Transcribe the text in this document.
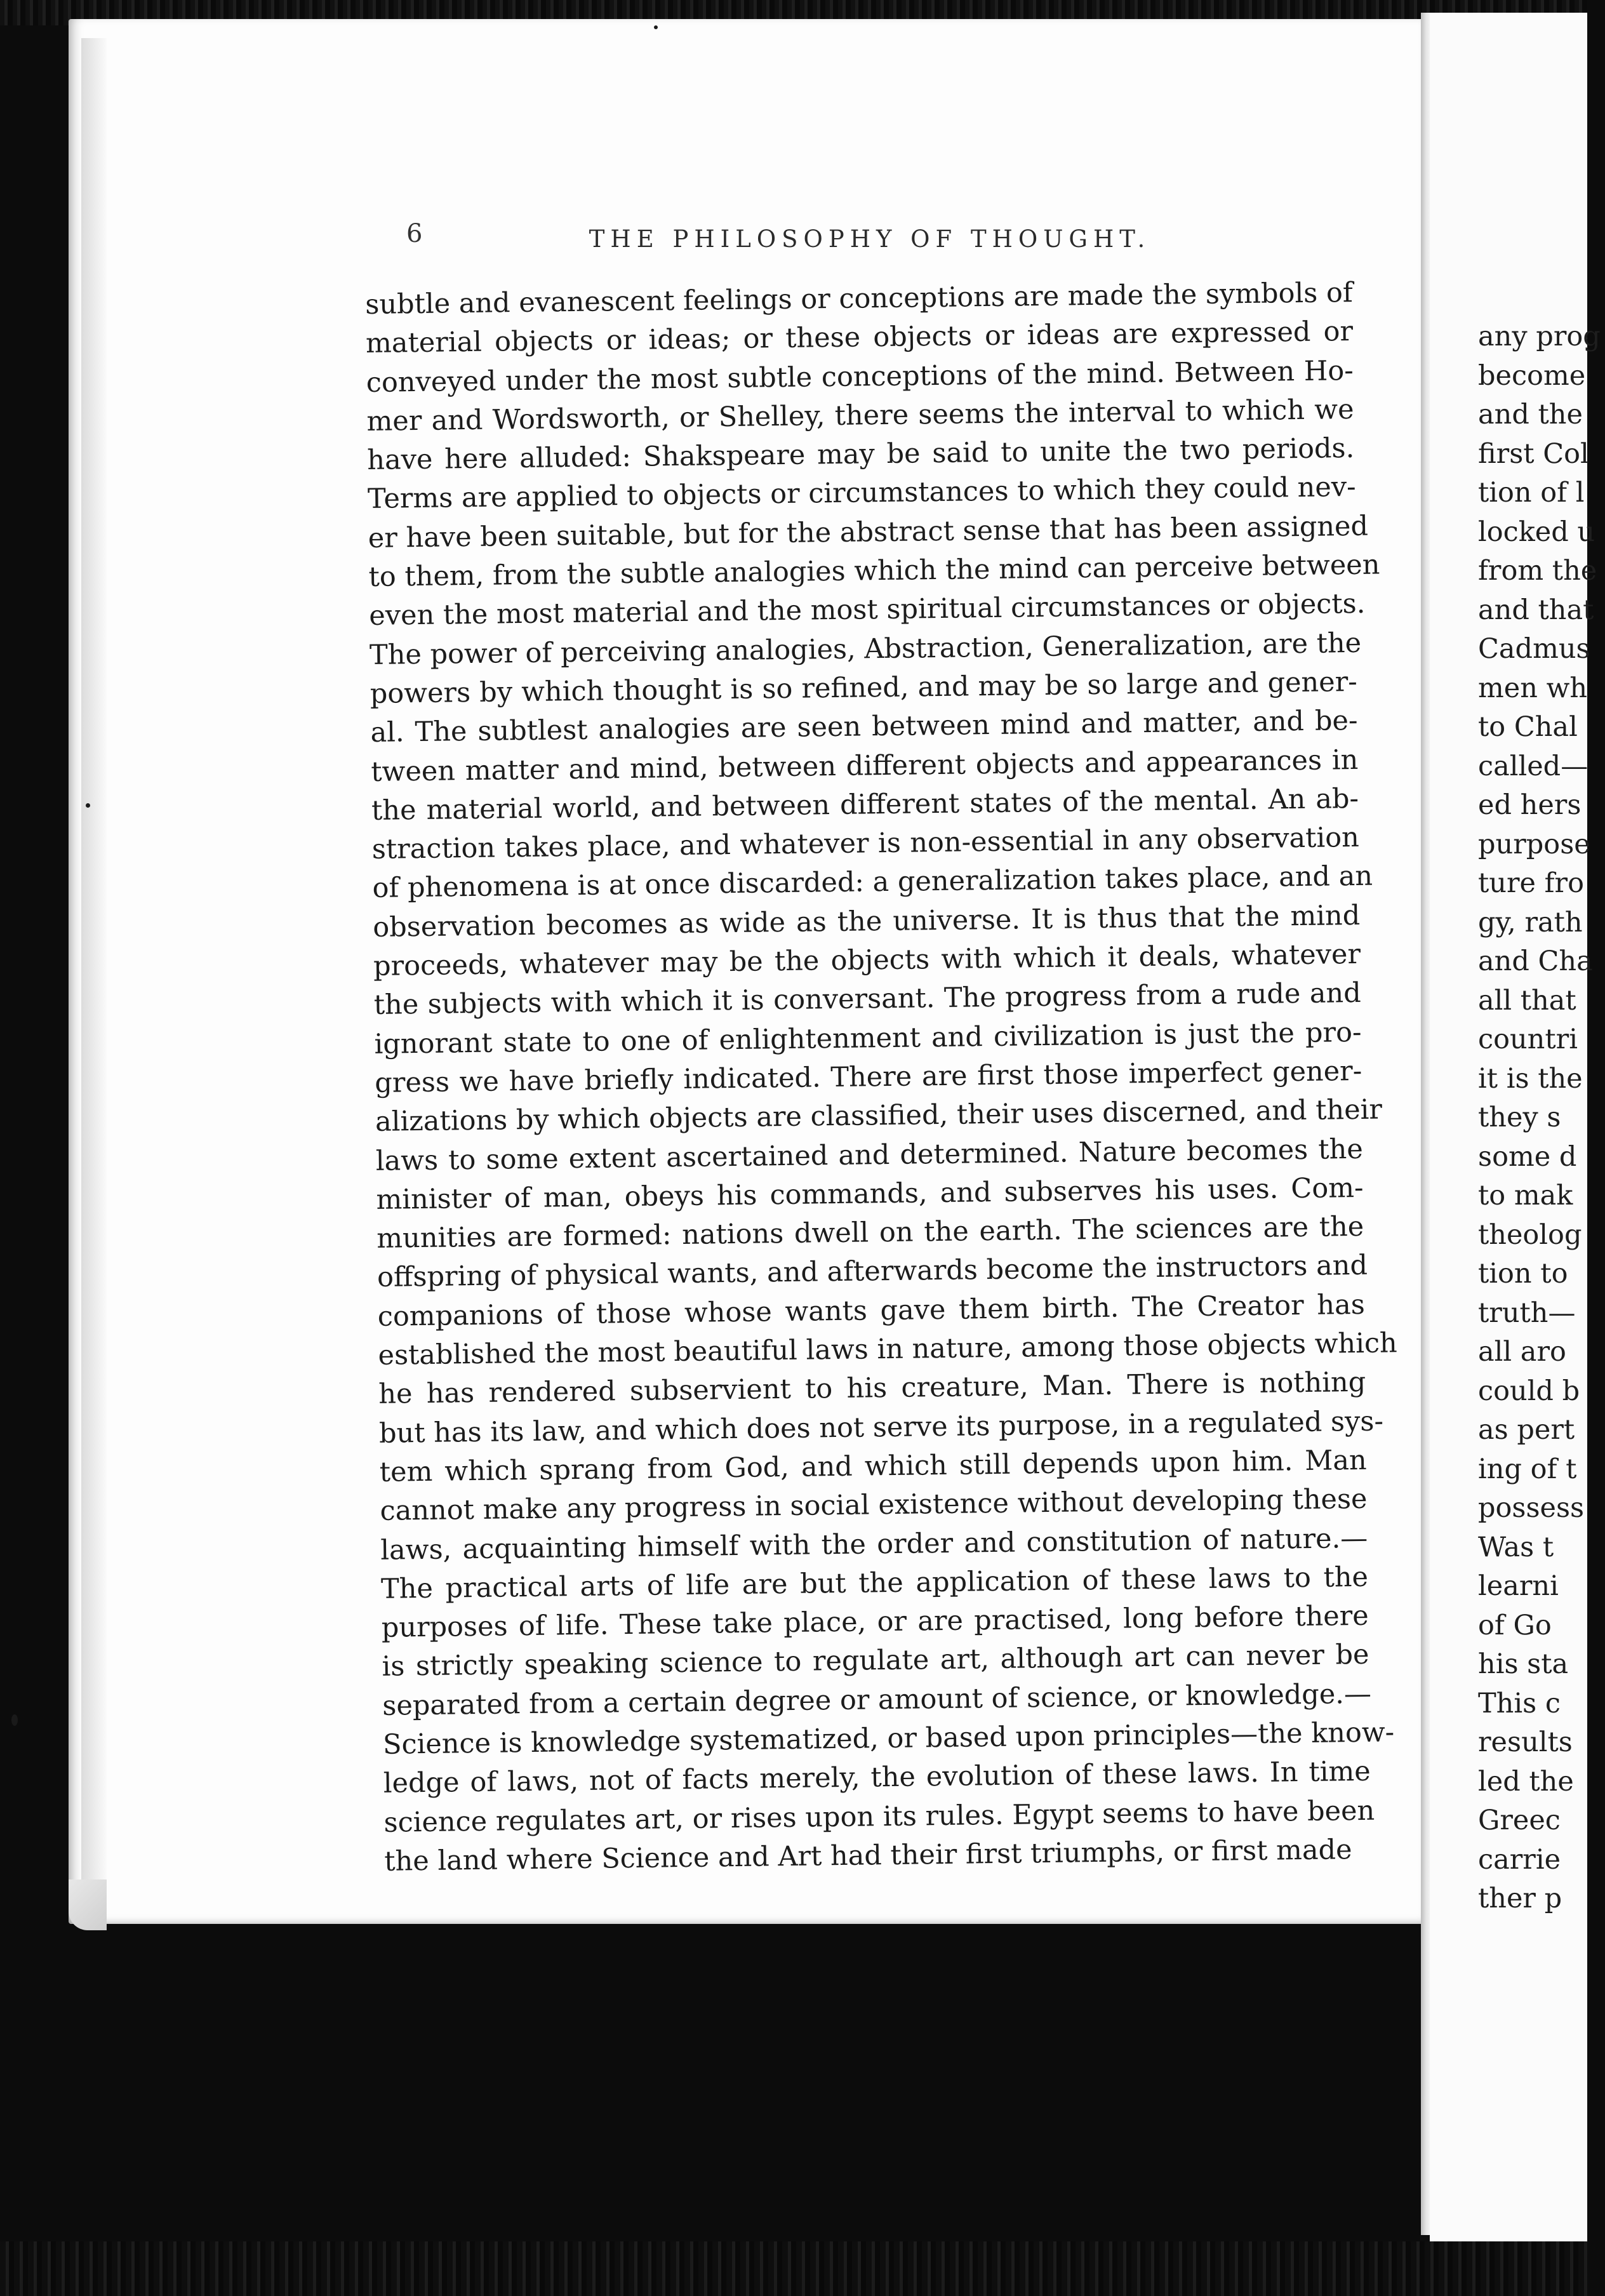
6	THE PHILOSOPHY OF THOUGHT.
subtle and evanescent feelings or conceptions are made the symbols of
material objects or ideas; or these objects or ideas are expressed or
conveyed under the most subtle conceptions of the mind. Between Ho-
mer and Wordsworth, or Shelley, there seems the interval to which we
have here alluded: Shakspeare may be said to unite the two periods.
Terms are applied to objects or circumstances to which they could nev-
er have been suitable, but for the abstract sense that has been assigned
to them, from the subtle analogies which the mind can perceive between
even the most material and the most spiritual circumstances or objects.
The power of perceiving analogies, Abstraction, Generalization, are the
powers by which thought is so refined, and may be so large and gener-
al. The subtlest analogies are seen between mind and matter, and be-
tween matter and mind, between different objects and appearances in
the material world, and between different states of the mental. An ab-
straction takes place, and whatever is non-essential in any observation
of phenomena is at once discarded: a generalization takes place, and an
observation becomes as wide as the universe. It is thus that the mind
proceeds, whatever may be the objects with which it deals, whatever
the subjects with which it is conversant. The progress from a rude and
ignorant state to one of enlightenment and civilization is just the pro-
gress we have briefly indicated. There are first those imperfect gener-
alizations by which objects are classified, their uses discerned, and their
laws to some extent ascertained and determined. Nature becomes the
minister of man, obeys his commands, and subserves his uses. Com-
munities are formed: nations dwell on the earth. The sciences are the
offspring of physical wants, and afterwards become the instructors and
companions of those whose wants gave them birth. The Creator has
established the most beautiful laws in nature, among those objects which
he has rendered subservient to his creature, Man. There is nothing
but has its law, and which does not serve its purpose, in a regulated sys-
tem which sprang from God, and which still depends upon him. Man
cannot make any progress in social existence without developing these
laws, acquainting himself with the order and constitution of nature.—
The practical arts of life are but the application of these laws to the
purposes of life. These take place, or are practised, long before there
is strictly speaking science to regulate art, although art can never be
separated from a certain degree or amount of science, or knowledge.—
Science is knowledge systematized, or based upon principles—the know-
ledge of laws, not of facts merely, the evolution of these laws. In time
science regulates art, or rises upon its rules. Egypt seems to have been
the land where Science and Art had their first triumphs, or first made
any prog
become
and the
first Col
tion of l
locked u
from the
and that
Cadmus
men wh
to Chal
called—
ed hers
purpose
ture fro
gy, rath
and Cha
all that
countri
it is the
they s
some d
to mak
theolog
tion to
truth—
all aro
could b
as pert
ing of t
possess
Was t
learni
of Go
his sta
This c
results
led the
Greec
carrie
ther p
